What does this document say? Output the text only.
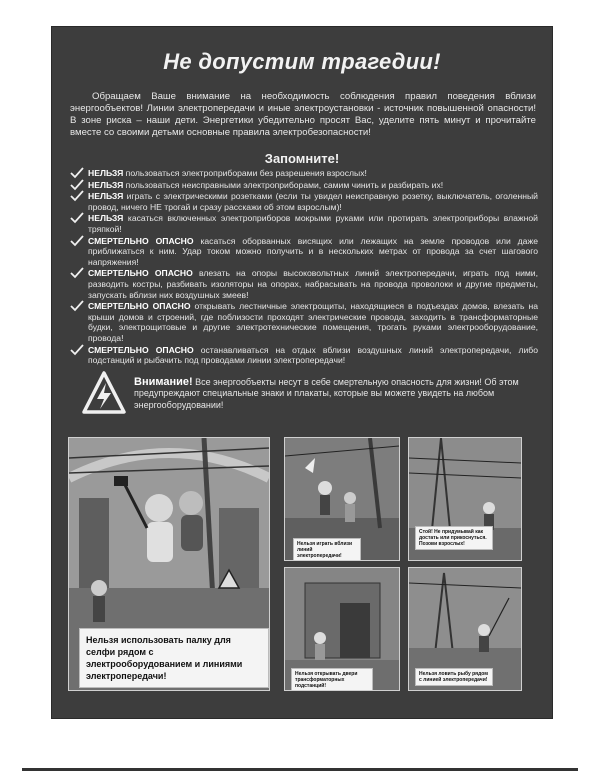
Не допустим трагедии!
Обращаем Ваше внимание на необходимость соблюдения правил поведения вблизи энергообъектов! Линии электропередачи и иные электроустановки - источник повышенной опасности! В зоне риска – наши дети. Энергетики убедительно просят Вас, уделите пять минут и прочитайте вместе со своими детьми основные правила электробезопасности!
Запомните!
НЕЛЬЗЯ пользоваться электроприборами без разрешения взрослых!
НЕЛЬЗЯ пользоваться неисправными электроприборами, самим чинить и разбирать их!
НЕЛЬЗЯ играть с электрическими розетками (если ты увидел неисправную розетку, выключатель, оголенный провод, ничего НЕ трогай и сразу расскажи об этом взрослым)!
НЕЛЬЗЯ касаться включенных электроприборов мокрыми руками или протирать электроприборы влажной тряпкой!
СМЕРТЕЛЬНО ОПАСНО касаться оборванных висящих или лежащих на земле проводов или даже приближаться к ним. Удар током можно получить и в нескольких метрах от провода за счет шагового напряжения!
СМЕРТЕЛЬНО ОПАСНО влезать на опоры высоковольтных линий электропередачи, играть под ними, разводить костры, разбивать изоляторы на опорах, набрасывать на провода проволоки и другие предметы, запускать вблизи них воздушных змеев!
СМЕРТЕЛЬНО ОПАСНО открывать лестничные электрощиты, находящиеся в подъездах домов, влезать на крыши домов и строений, где поблизости проходят электрические провода, заходить в трансформаторные будки, электрощитовые и другие электротехнические помещения, трогать руками электрооборудование, провода!
СМЕРТЕЛЬНО ОПАСНО останавливаться на отдых вблизи воздушных линий электропередачи, либо подстанций и рыбачить под проводами линии электропередачи!
Внимание! Все энергообъекты несут в себе смертельную опасность для жизни! Об этом предупреждают специальные знаки и плакаты, которые вы можете увидеть на любом энергооборудовании!
Нельзя использовать палку для селфи рядом с электрооборудованием и линиями электропередачи!
Нельзя играть вблизи линий электропередачи!
Стой! Не придумывай как достать или прикоснуться. Позови взрослых!
Нельзя открывать двери трансформаторных подстанций!
Нельзя ловить рыбу рядом с линией электропередачи!
